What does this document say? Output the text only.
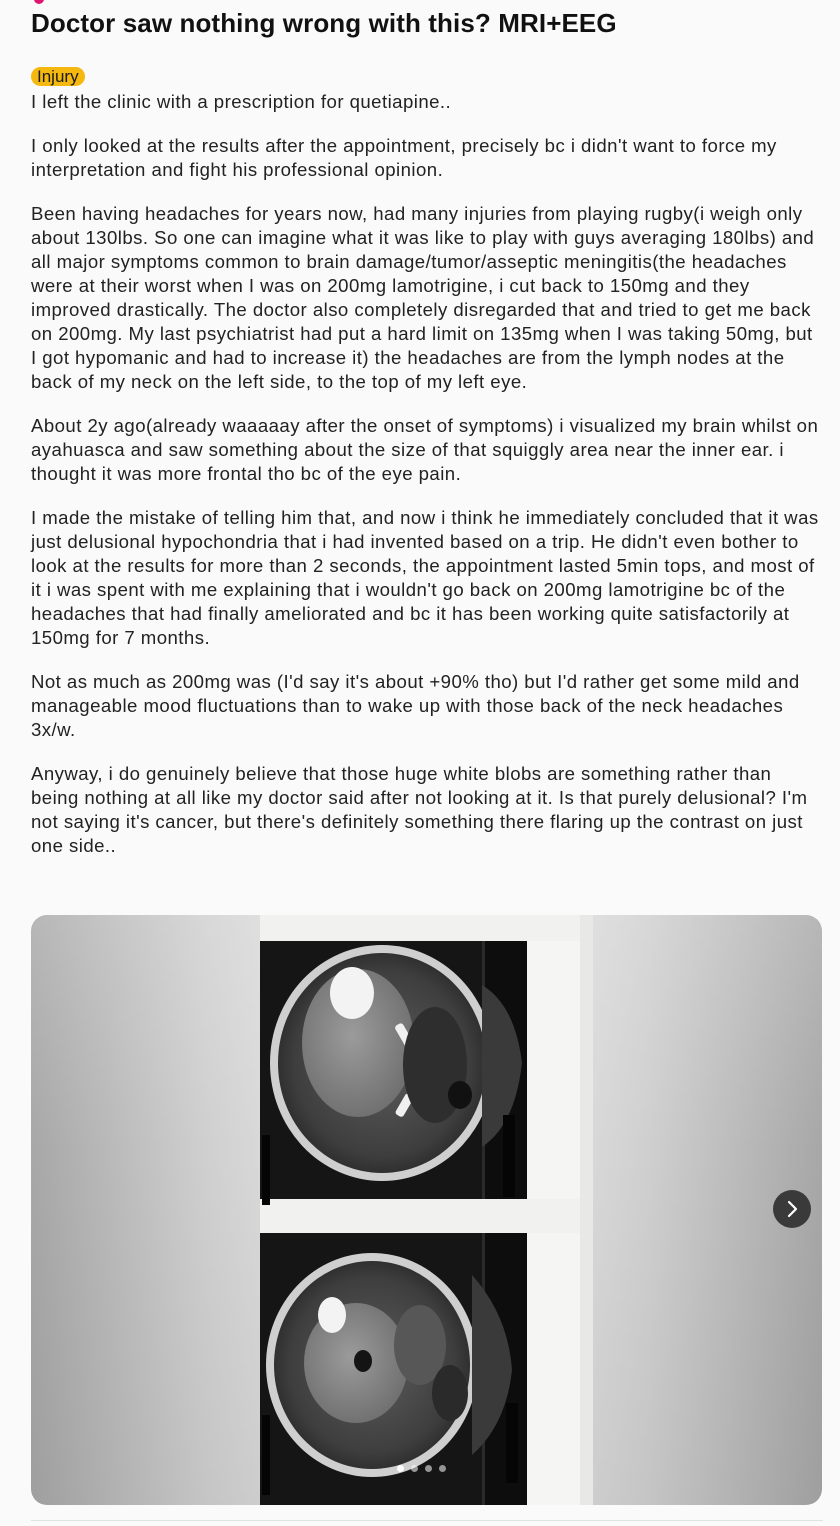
Doctor saw nothing wrong with this? MRI+EEG
Injury

I left the clinic with a prescription for quetiapine..

I only looked at the results after the appointment, precisely bc i didn't want to force my interpretation and fight his professional opinion.

Been having headaches for years now, had many injuries from playing rugby(i weigh only about 130lbs. So one can imagine what it was like to play with guys averaging 180lbs) and all major symptoms common to brain damage/tumor/asseptic meningitis(the headaches were at their worst when I was on 200mg lamotrigine, i cut back to 150mg and they improved drastically. The doctor also completely disregarded that and tried to get me back on 200mg. My last psychiatrist had put a hard limit on 135mg when I was taking 50mg, but I got hypomanic and had to increase it) the headaches are from the lymph nodes at the back of my neck on the left side, to the top of my left eye.

About 2y ago(already waaaaay after the onset of symptoms) i visualized my brain whilst on ayahuasca and saw something about the size of that squiggly area near the inner ear. i thought it was more frontal tho bc of the eye pain.

I made the mistake of telling him that, and now i think he immediately concluded that it was just delusional hypochondria that i had invented based on a trip. He didn't even bother to look at the results for more than 2 seconds, the appointment lasted 5min tops, and most of it i was spent with me explaining that i wouldn't go back on 200mg lamotrigine bc of the headaches that had finally ameliorated and bc it has been working quite satisfactorily at 150mg for 7 months.

Not as much as 200mg was (I'd say it's about +90% tho) but I'd rather get some mild and manageable mood fluctuations than to wake up with those back of the neck headaches 3x/w.

Anyway, i do genuinely believe that those huge white blobs are something rather than being nothing at all like my doctor said after not looking at it. Is that purely delusional? I'm not saying it's cancer, but there's definitely something there flaring up the contrast on just one side..
